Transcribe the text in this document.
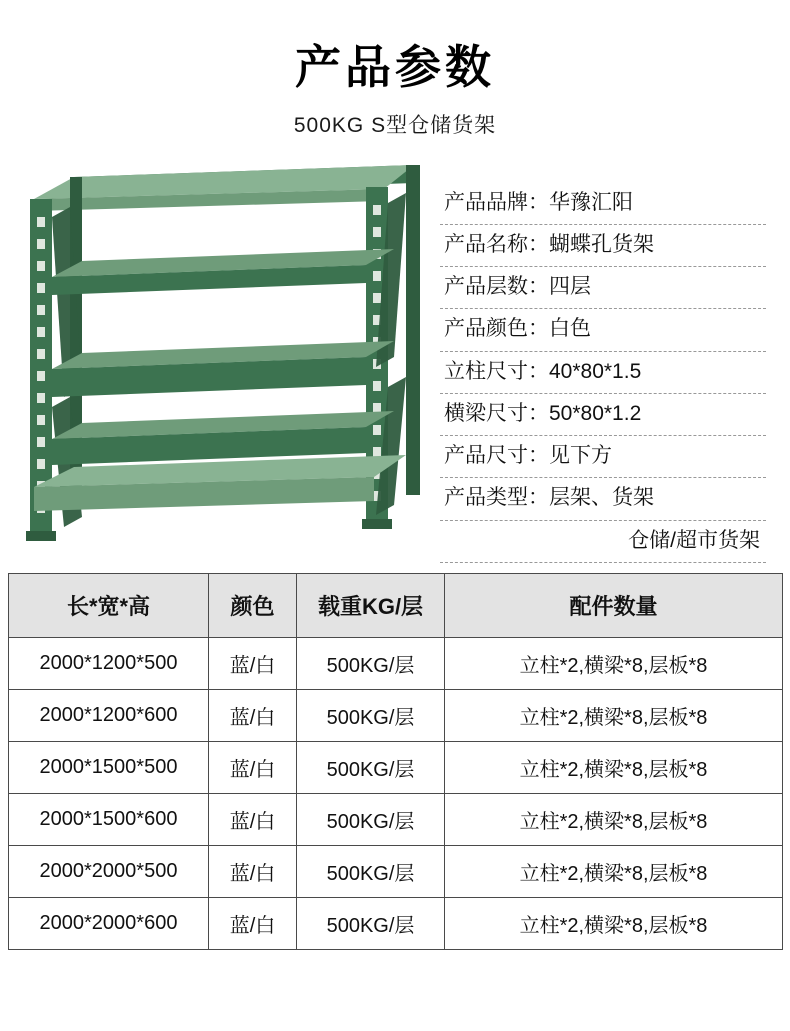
产品参数
500KG S型仓储货架
产品品牌：华豫汇阳
产品名称：蝴蝶孔货架
产品层数：四层
产品颜色：白色
立柱尺寸：40*80*1.5
横梁尺寸：50*80*1.2
产品尺寸：见下方
产品类型：层架、货架
仓储/超市货架
长*宽*高	颜色	载重KG/层	配件数量
2000*1200*500	蓝/白	500KG/层	立柱*2,横梁*8,层板*8
2000*1200*600	蓝/白	500KG/层	立柱*2,横梁*8,层板*8
2000*1500*500	蓝/白	500KG/层	立柱*2,横梁*8,层板*8
2000*1500*600	蓝/白	500KG/层	立柱*2,横梁*8,层板*8
2000*2000*500	蓝/白	500KG/层	立柱*2,横梁*8,层板*8
2000*2000*600	蓝/白	500KG/层	立柱*2,横梁*8,层板*8
